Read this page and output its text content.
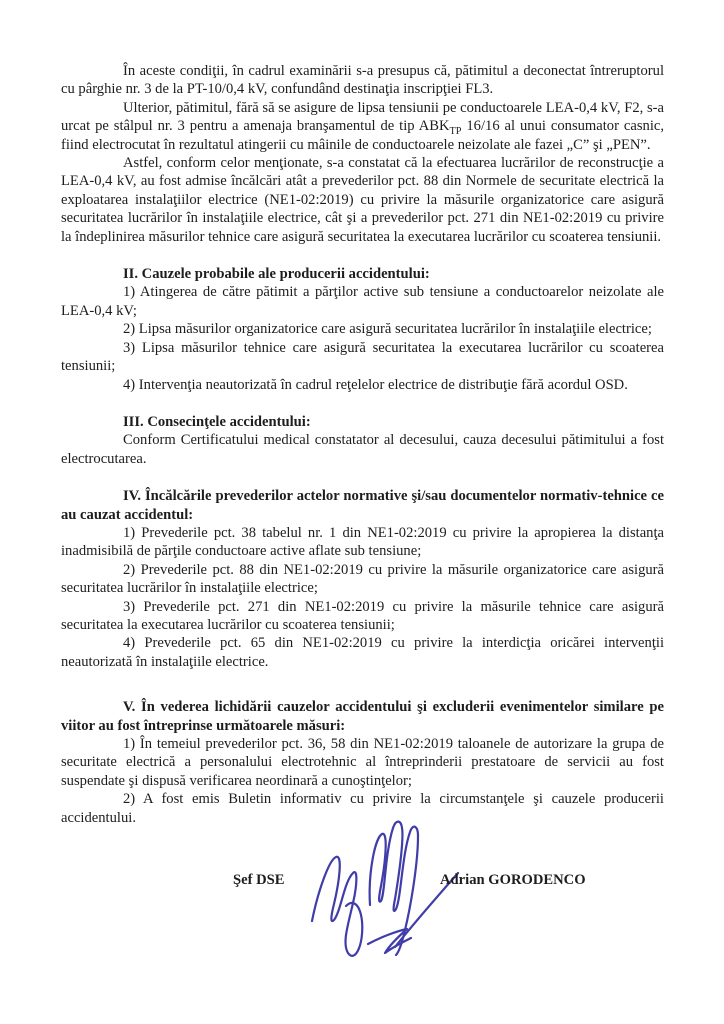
În aceste condiţii, în cadrul examinării s-a presupus că, pătimitul a deconectat întreruptorul cu pârghie nr. 3 de la PT-10/0,4 kV, confundând destinaţia inscripţiei FL3.

Ulterior, pătimitul, fără să se asigure de lipsa tensiunii pe conductoarele LEA-0,4 kV, F2, s-a urcat pe stâlpul nr. 3 pentru a amenaja branşamentul de tip $ABK_{TP}$ 16/16 al unui consumator casnic, fiind electrocutat în rezultatul atingerii cu mâinile de conductoarele neizolate ale fazei „C” şi „PEN”.

Astfel, conform celor menţionate, s-a constatat că la efectuarea lucrărilor de reconstrucţie a LEA-0,4 kV, au fost admise încălcări atât a prevederilor pct. 88 din Normele de securitate electrică la exploatarea instalaţiilor electrice (NE1-02:2019) cu privire la măsurile organizatorice care asigură securitatea lucrărilor în instalaţiile electrice, cât şi a prevederilor pct. 271 din NE1-02:2019 cu privire la îndeplinirea măsurilor tehnice care asigură securitatea la executarea lucrărilor cu scoaterea tensiunii.

II. Cauzele probabile ale producerii accidentului:

1) Atingerea de către pătimit a părţilor active sub tensiune a conductoarelor neizolate ale LEA-0,4 kV;

2) Lipsa măsurilor organizatorice care asigură securitatea lucrărilor în instalaţiile electrice;

3) Lipsa măsurilor tehnice care asigură securitatea la executarea lucrărilor cu scoaterea tensiunii;

4) Intervenţia neautorizată în cadrul reţelelor electrice de distribuţie fără acordul OSD.

III. Consecinţele accidentului:

Conform Certificatului medical constatator al decesului, cauza decesului pătimitului a fost electrocutarea.

IV. Încălcările prevederilor actelor normative şi/sau documentelor normativ-tehnice ce au cauzat accidentul:

1) Prevederile pct. 38 tabelul nr. 1 din NE1-02:2019 cu privire la apropierea la distanţa inadmisibilă de părţile conductoare active aflate sub tensiune;

2) Prevederile pct. 88 din NE1-02:2019 cu privire la măsurile organizatorice care asigură securitatea lucrărilor în instalaţiile electrice;

3) Prevederile pct. 271 din NE1-02:2019 cu privire la măsurile tehnice care asigură securitatea la executarea lucrărilor cu scoaterea tensiunii;

4) Prevederile pct. 65 din NE1-02:2019 cu privire la interdicţia oricărei intervenţii neautorizată în instalaţiile electrice.

V. În vederea lichidării cauzelor accidentului şi excluderii evenimentelor similare pe viitor au fost întreprinse următoarele măsuri:

1) În temeiul prevederilor pct. 36, 58 din NE1-02:2019 taloanele de autorizare la grupa de securitate electrică a personalului electrotehnic al întreprinderii prestatoare de servicii au fost suspendate şi dispusă verificarea neordinară a cunoştinţelor;

2) A fost emis Buletin informativ cu privire la circumstanţele şi cauzele producerii accidentului.

Şef DSE	Adrian GORODENCO
